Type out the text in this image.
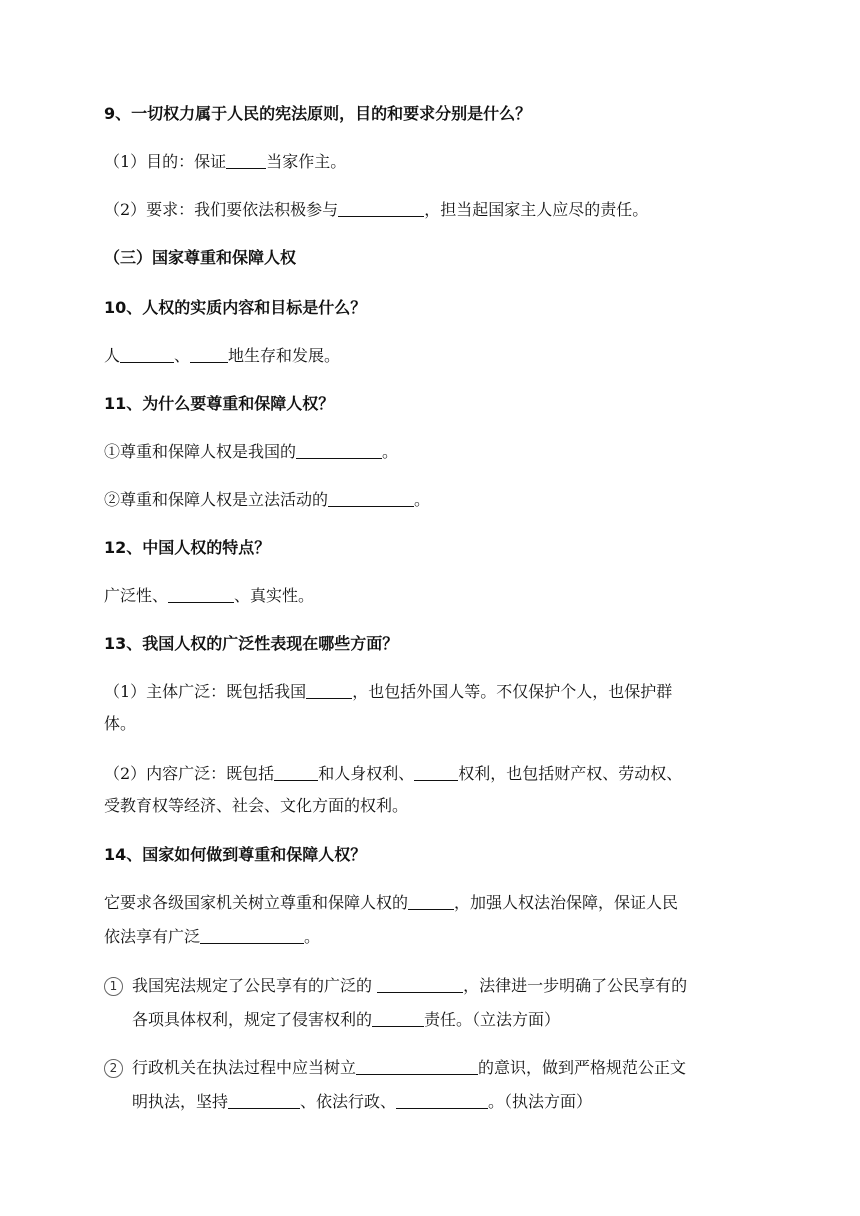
9、一切权力属于人民的宪法原则，目的和要求分别是什么？
（1）目的：保证	当家作主。
（2）要求：我们要依法积极参与	，担当起国家主人应尽的责任。
（三）国家尊重和保障人权
10、人权的实质内容和目标是什么？
人	、 地生存和发展。
11、为什么要尊重和保障人权？
①尊重和保障人权是我国的	。
②尊重和保障人权是立法活动的	。
12、中国人权的特点？
广泛性、	、真实性。
13、我国人权的广泛性表现在哪些方面？
（1）主体广泛：既包括我国	，也包括外国人等。不仅保护个人，也保护群
体。
（2）内容广泛：既包括	和人身权利、	权利，也包括财产权、劳动权、
受教育权等经济、社会、文化方面的权利。
14、国家如何做到尊重和保障人权？
它要求各级国家机关树立尊重和保障人权的	，加强人权法治保障，保证人民
依法享有广泛	。
1 我国宪法规定了公民享有的广泛的	，法律进一步明确了公民享有的
各项具体权利，规定了侵害权利的	责任。（立法方面）
2 行政机关在执法过程中应当树立	的意识，做到严格规范公正文
明执法，坚持	、依法行政、	。（执法方面）
